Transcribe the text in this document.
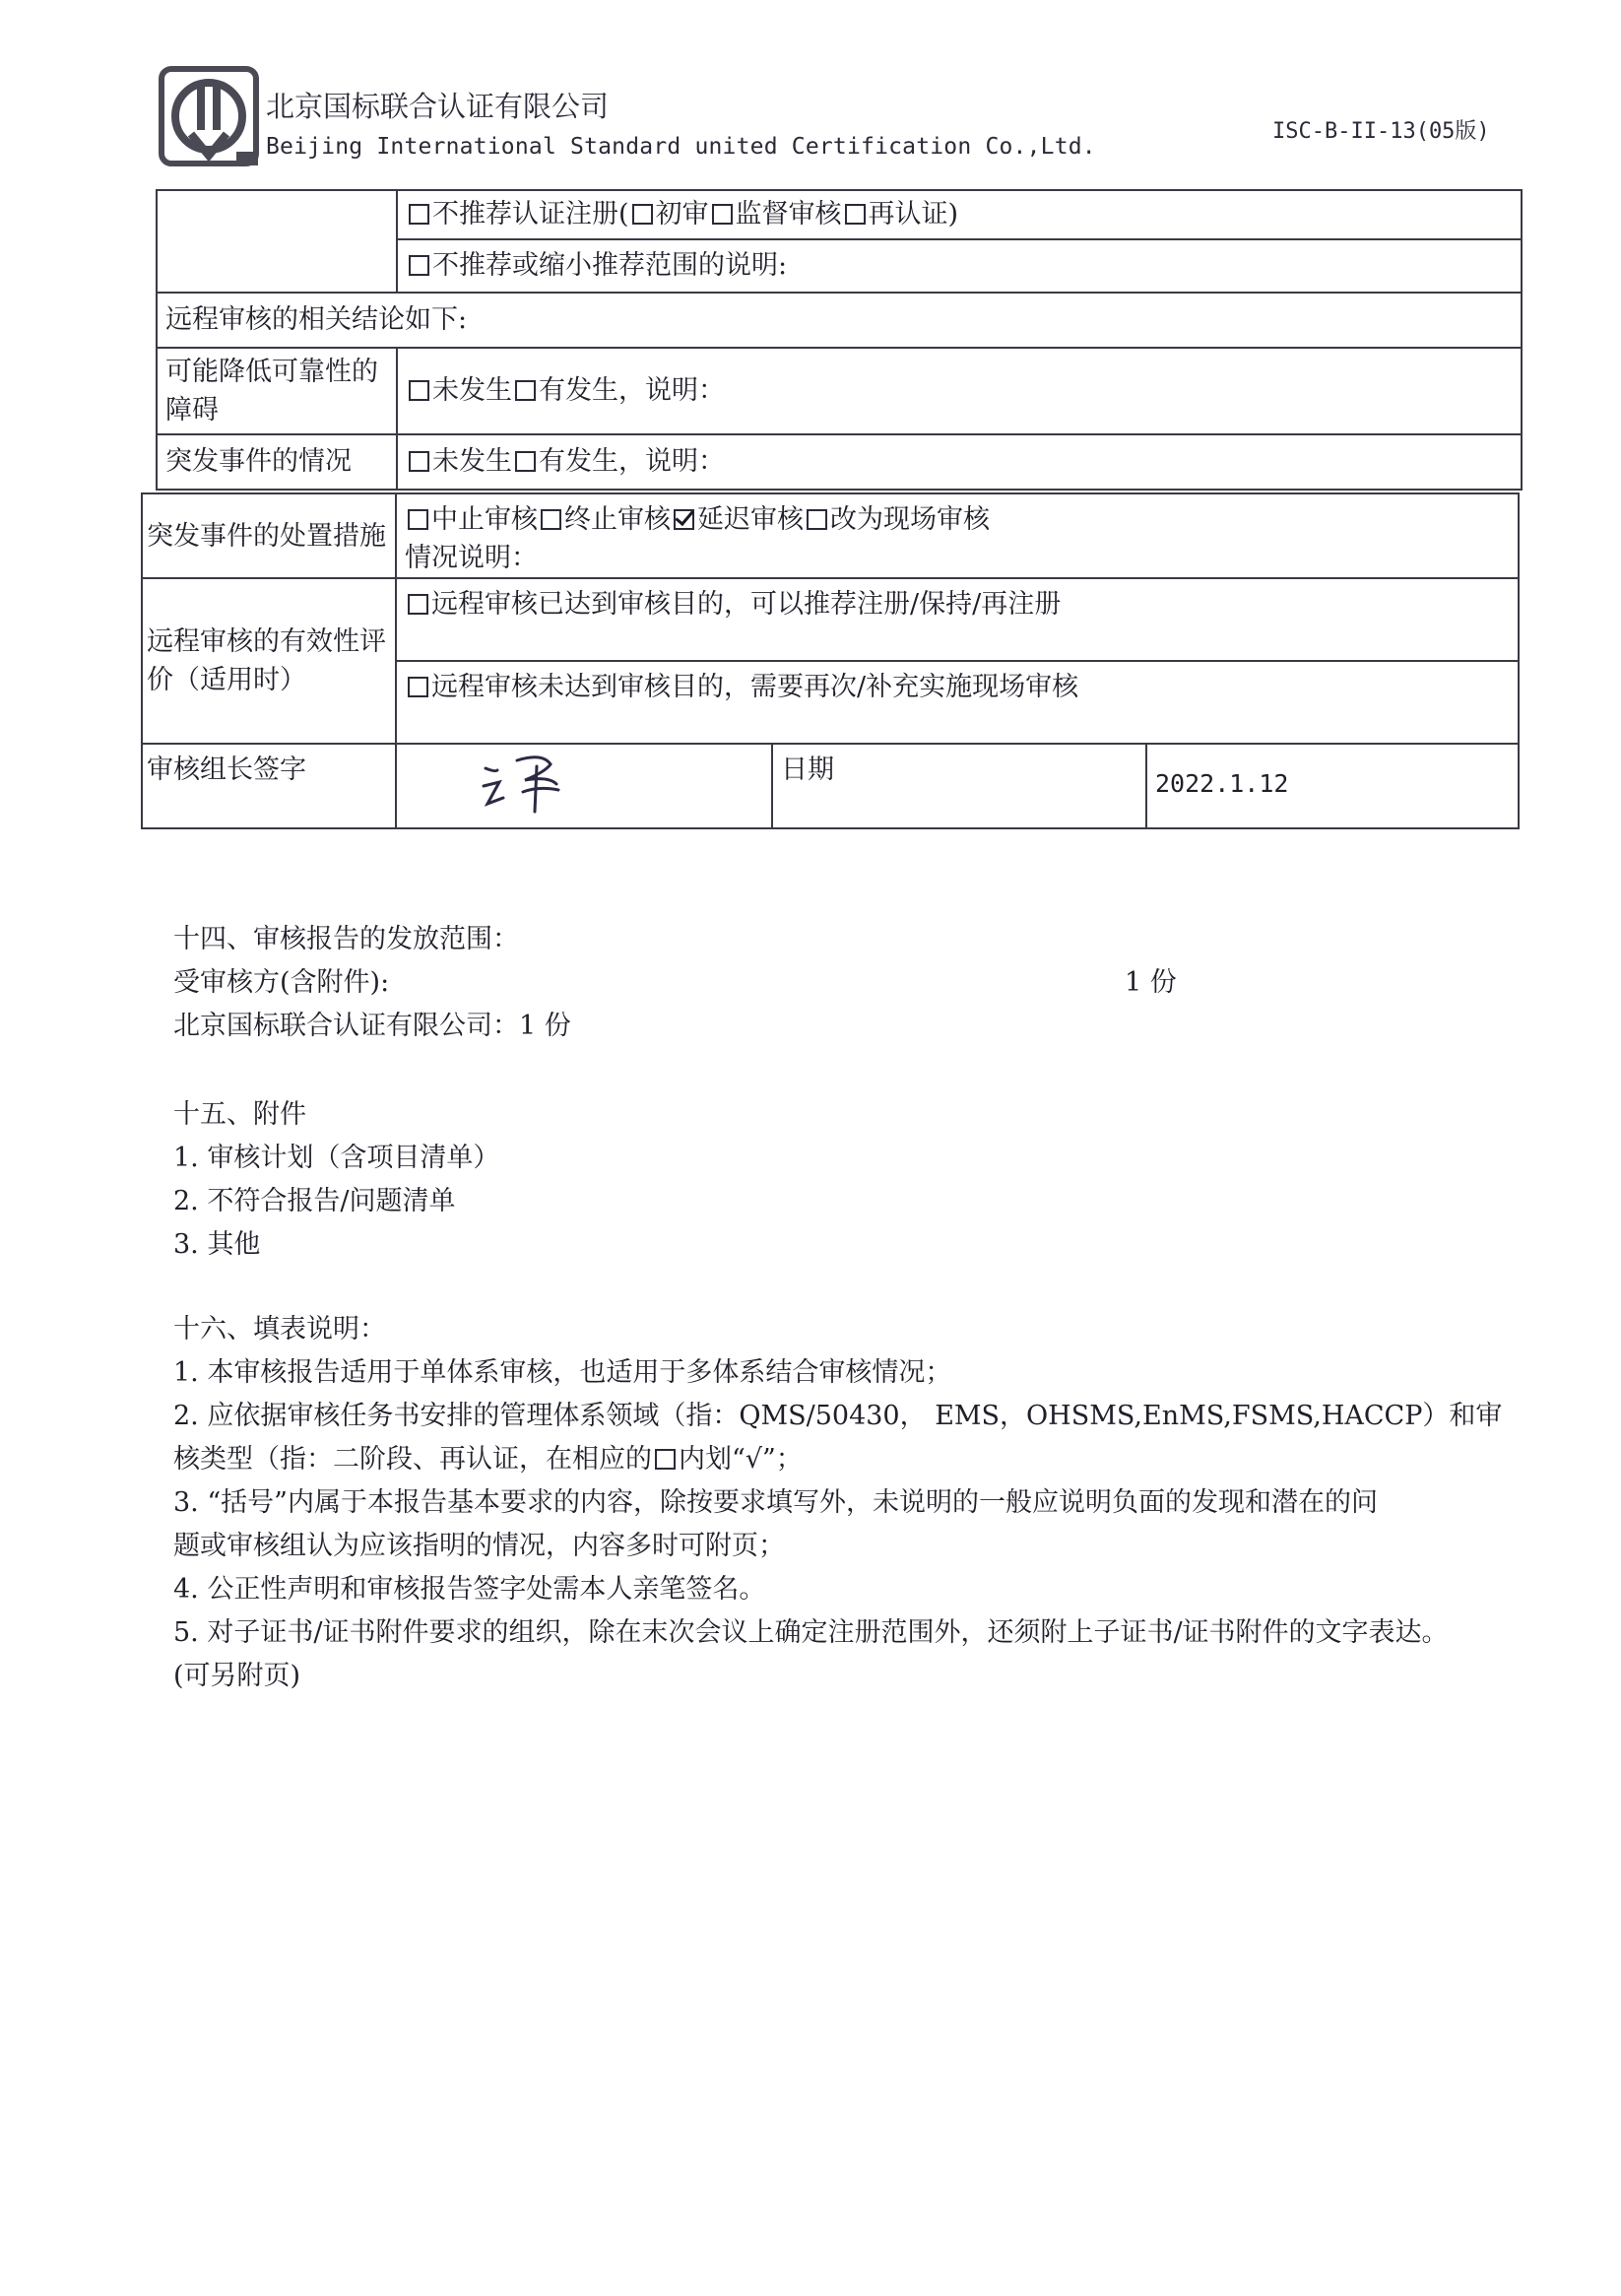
北京国标联合认证有限公司
Beijing International Standard united Certification Co.,Ltd.
ISC-B-II-13(05版)
	不推荐认证注册( 初审 监督审核 再认证)
	不推荐或缩小推荐范围的说明:
远程审核的相关结论如下:	
可能降低可靠性的障碍	未发生 有发生，说明：
突发事件的情况	未发生 有发生，说明：
突发事件的处置措施	中止审核 终止审核 延迟审核 改为现场审核
情况说明：		

远程审核的有效性评价（适用时）	远程审核已达到审核目的，可以推荐注册/保持/再注册		
	远程审核未达到审核目的，需要再次/补充实施现场审核		
审核组长签字		日期	2022.1.12
十四、审核报告的发放范围：
受审核方(含附件):	1 份
北京国标联合认证有限公司：1 份
十五、附件
1. 审核计划（含项目清单）
2. 不符合报告/问题清单
3. 其他
十六、填表说明：
1. 本审核报告适用于单体系审核，也适用于多体系结合审核情况；
2. 应依据审核任务书安排的管理体系领域（指：QMS/50430， EMS，OHSMS,EnMS,FSMS,HACCP）和审
核类型（指：二阶段、再认证，在相应的 内划“√”；
3. “括号”内属于本报告基本要求的内容，除按要求填写外，未说明的一般应说明负面的发现和潜在的问
题或审核组认为应该指明的情况，内容多时可附页；
4. 公正性声明和审核报告签字处需本人亲笔签名。
5. 对子证书/证书附件要求的组织，除在末次会议上确定注册范围外，还须附上子证书/证书附件的文字表达。
(可另附页)
